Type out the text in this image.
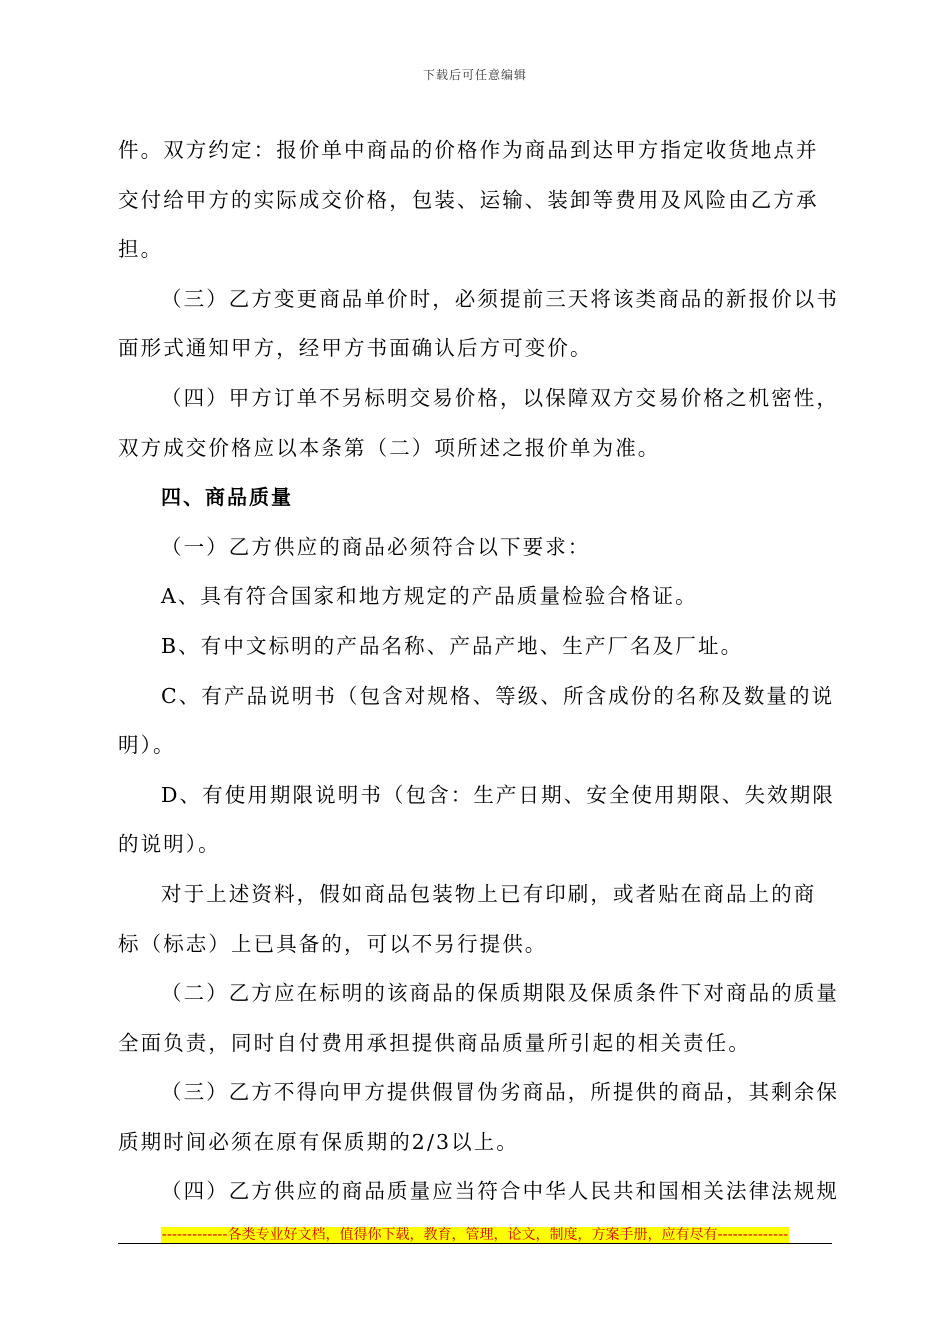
下载后可任意编辑
件。双方约定：报价单中商品的价格作为商品到达甲方指定收货地点并
交付给甲方的实际成交价格，包装、运输、装卸等费用及风险由乙方承
担。
（三）乙方变更商品单价时，必须提前三天将该类商品的新报价以书
面形式通知甲方，经甲方书面确认后方可变价。
（四）甲方订单不另标明交易价格，以保障双方交易价格之机密性，
双方成交价格应以本条第（二）项所述之报价单为准。
四、商品质量
（一）乙方供应的商品必须符合以下要求：
A、具有符合国家和地方规定的产品质量检验合格证。
B、有中文标明的产品名称、产品产地、生产厂名及厂址。
C、有产品说明书（包含对规格、等级、所含成份的名称及数量的说
明）。
D、有使用期限说明书（包含：生产日期、安全使用期限、失效期限
的说明）。
对于上述资料，假如商品包装物上已有印刷，或者贴在商品上的商
标（标志）上已具备的，可以不另行提供。
（二）乙方应在标明的该商品的保质期限及保质条件下对商品的质量
全面负责，同时自付费用承担提供商品质量所引起的相关责任。
（三）乙方不得向甲方提供假冒伪劣商品，所提供的商品，其剩余保
质期时间必须在原有保质期的2/3以上。
（四）乙方供应的商品质量应当符合中华人民共和国相关法律法规规
-------------各类专业好文档，值得你下载，教育，管理，论文，制度，方案手册，应有尽有--------------
